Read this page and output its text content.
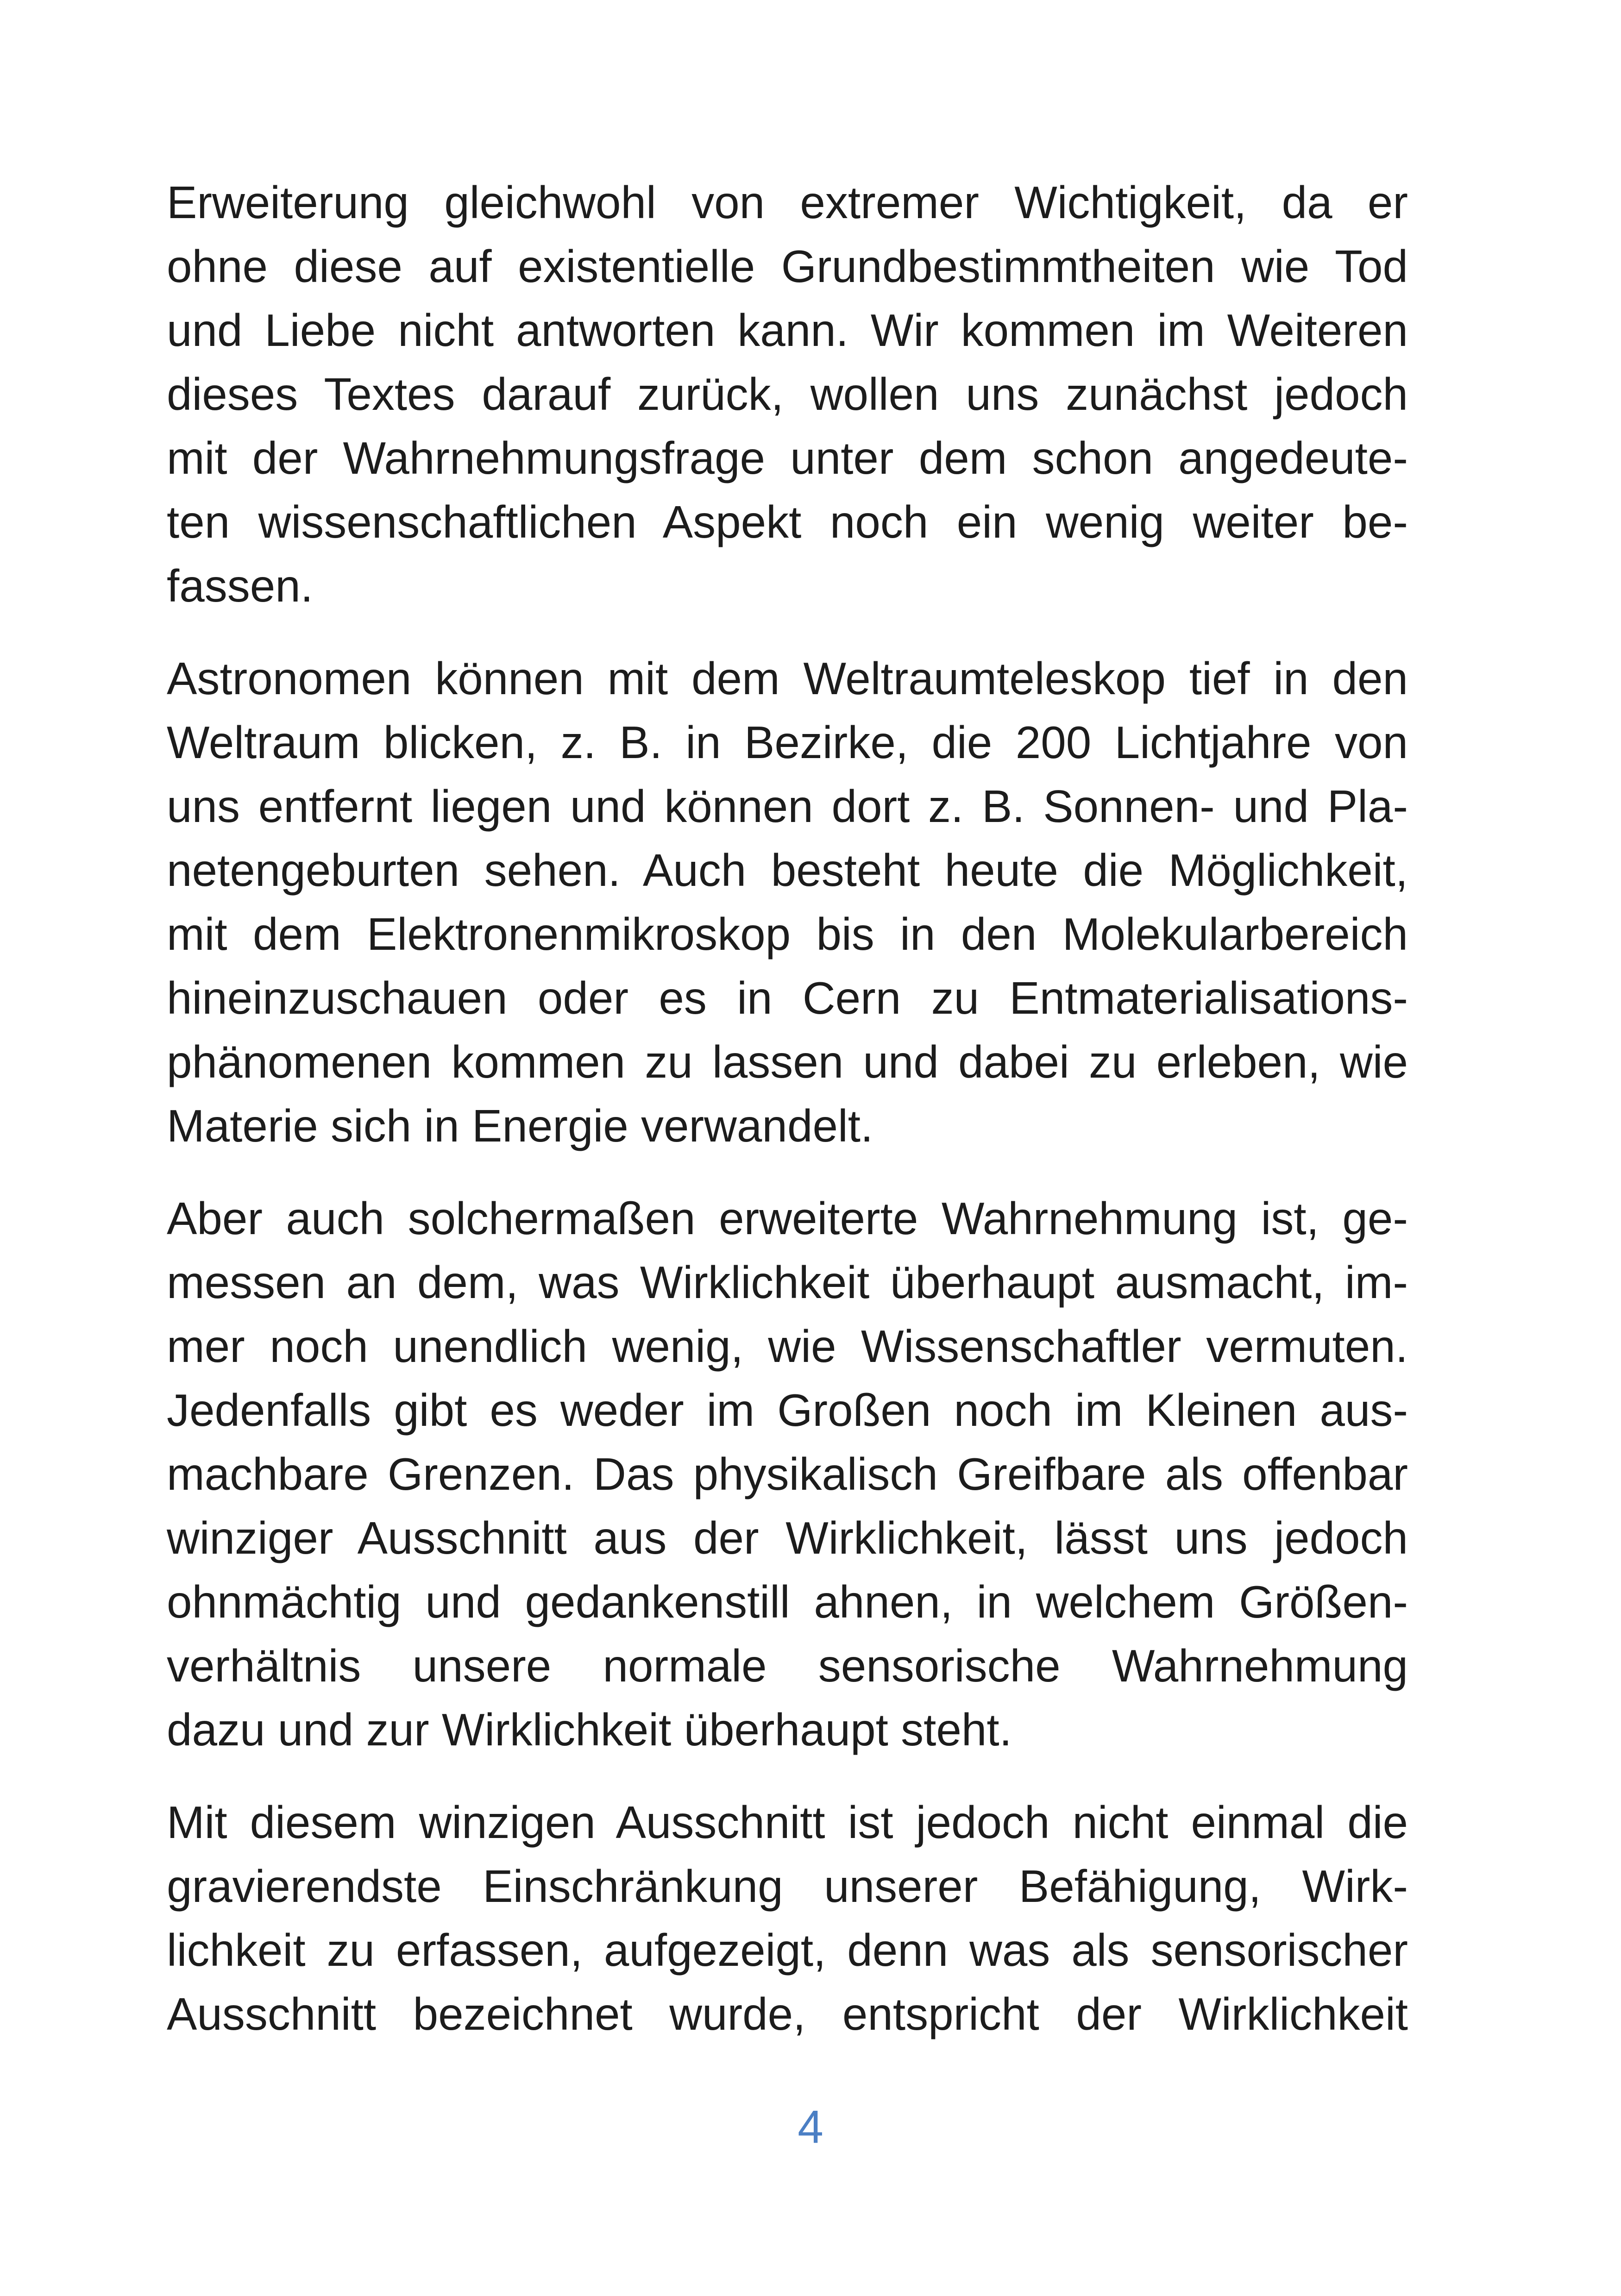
Erweiterung gleichwohl von extremer Wichtigkeit, da er
ohne diese auf existentielle Grundbestimmtheiten wie Tod
und Liebe nicht antworten kann. Wir kommen im Weiteren
dieses Textes darauf zurück, wollen uns zunächst jedoch
mit der Wahrnehmungsfrage unter dem schon angedeute-
ten wissenschaftlichen Aspekt noch ein wenig weiter be-
fassen.
Astronomen können mit dem Weltraumteleskop tief in den
Weltraum blicken, z. B. in Bezirke, die 200 Lichtjahre von
uns entfernt liegen und können dort z. B. Sonnen- und Pla-
netengeburten sehen. Auch besteht heute die Möglichkeit,
mit dem Elektronenmikroskop bis in den Molekularbereich
hineinzuschauen oder es in Cern zu Entmaterialisations-
phänomenen kommen zu lassen und dabei zu erleben, wie
Materie sich in Energie verwandelt.
Aber auch solchermaßen erweiterte Wahrnehmung ist, ge-
messen an dem, was Wirklichkeit überhaupt ausmacht, im-
mer noch unendlich wenig, wie Wissenschaftler vermuten.
Jedenfalls gibt es weder im Großen noch im Kleinen aus-
machbare Grenzen. Das physikalisch Greifbare als offenbar
winziger Ausschnitt aus der Wirklichkeit, lässt uns jedoch
ohnmächtig und gedankenstill ahnen, in welchem Größen-
verhältnis unsere normale sensorische Wahrnehmung
dazu und zur Wirklichkeit überhaupt steht.
Mit diesem winzigen Ausschnitt ist jedoch nicht einmal die
gravierendste Einschränkung unserer Befähigung, Wirk-
lichkeit zu erfassen, aufgezeigt, denn was als sensorischer
Ausschnitt bezeichnet wurde, entspricht der Wirklichkeit
4
